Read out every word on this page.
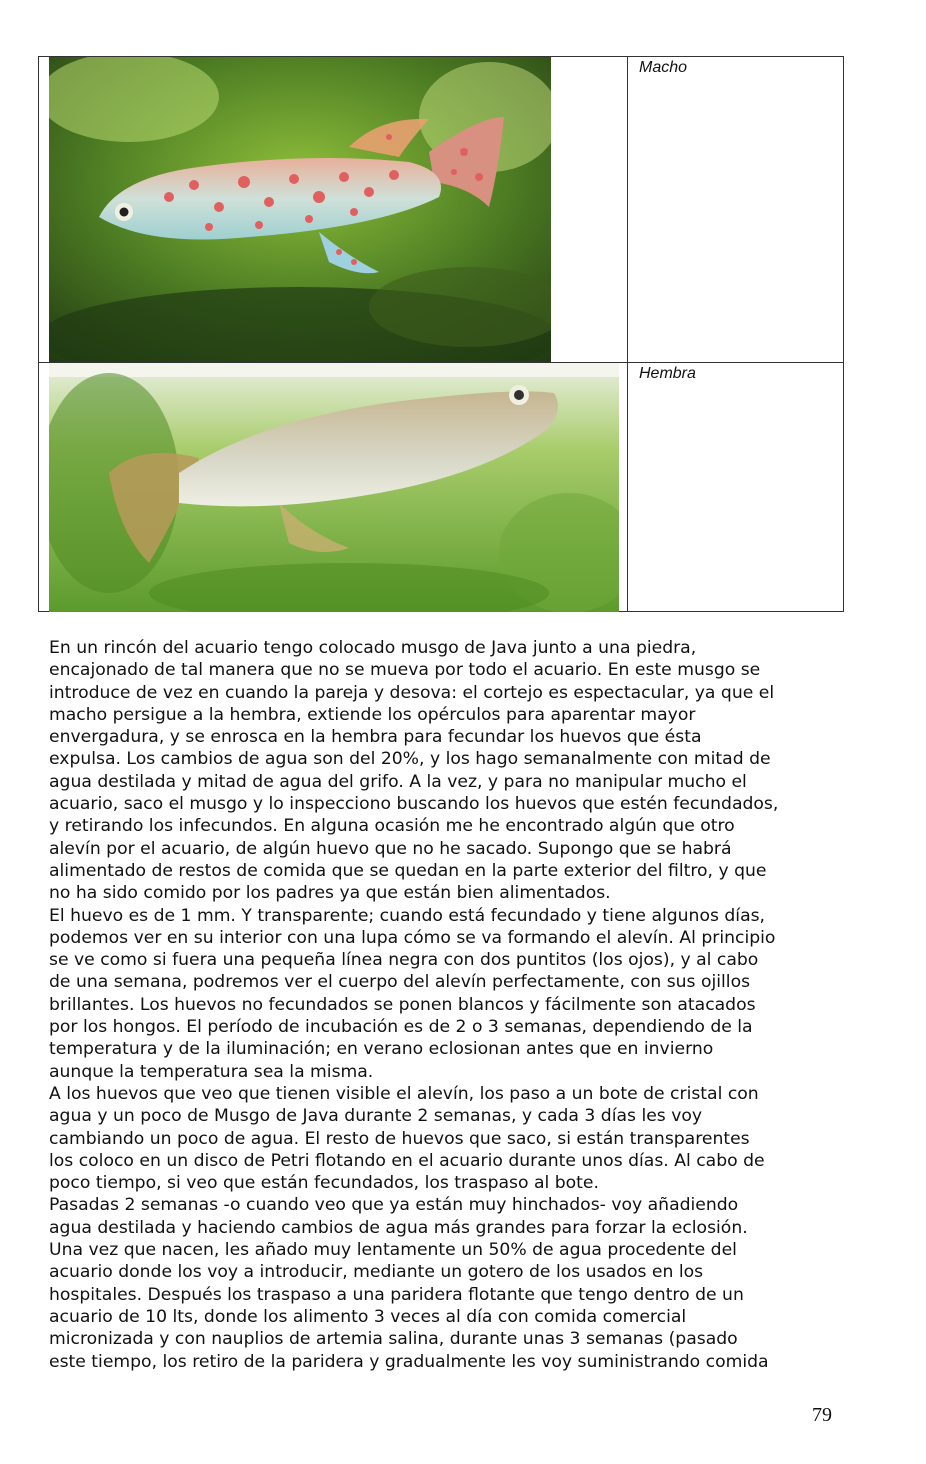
Macho
Hembra
En un rincón del acuario tengo colocado musgo de Java junto a una piedra,
encajonado de tal manera que no se mueva por todo el acuario. En este musgo se
introduce de vez en cuando la pareja y desova: el cortejo es espectacular, ya que el
macho persigue a la hembra, extiende los opérculos para aparentar mayor
envergadura, y se enrosca en la hembra para fecundar los huevos que ésta
expulsa. Los cambios de agua son del 20%, y los hago semanalmente con mitad de
agua destilada y mitad de agua del grifo. A la vez, y para no manipular mucho el
acuario, saco el musgo y lo inspecciono buscando los huevos que estén fecundados,
y retirando los infecundos. En alguna ocasión me he encontrado algún que otro
alevín por el acuario, de algún huevo que no he sacado. Supongo que se habrá
alimentado de restos de comida que se quedan en la parte exterior del filtro, y que
no ha sido comido por los padres ya que están bien alimentados.
El huevo es de 1 mm. Y transparente; cuando está fecundado y tiene algunos días,
podemos ver en su interior con una lupa cómo se va formando el alevín. Al principio
se ve como si fuera una pequeña línea negra con dos puntitos (los ojos), y al cabo
de una semana, podremos ver el cuerpo del alevín perfectamente, con sus ojillos
brillantes. Los huevos no fecundados se ponen blancos y fácilmente son atacados
por los hongos. El período de incubación es de 2 o 3 semanas, dependiendo de la
temperatura y de la iluminación; en verano eclosionan antes que en invierno
aunque la temperatura sea la misma.
A los huevos que veo que tienen visible el alevín, los paso a un bote de cristal con
agua y un poco de Musgo de Java durante 2 semanas, y cada 3 días les voy
cambiando un poco de agua. El resto de huevos que saco, si están transparentes
los coloco en un disco de Petri flotando en el acuario durante unos días. Al cabo de
poco tiempo, si veo que están fecundados, los traspaso al bote.
Pasadas 2 semanas -o cuando veo que ya están muy hinchados- voy añadiendo
agua destilada y haciendo cambios de agua más grandes para forzar la eclosión.
Una vez que nacen, les añado muy lentamente un 50% de agua procedente del
acuario donde los voy a introducir, mediante un gotero de los usados en los
hospitales. Después los traspaso a una paridera flotante que tengo dentro de un
acuario de 10 lts, donde los alimento 3 veces al día con comida comercial
micronizada y con nauplios de artemia salina, durante unas 3 semanas (pasado
este tiempo, los retiro de la paridera y gradualmente les voy suministrando comida
79
